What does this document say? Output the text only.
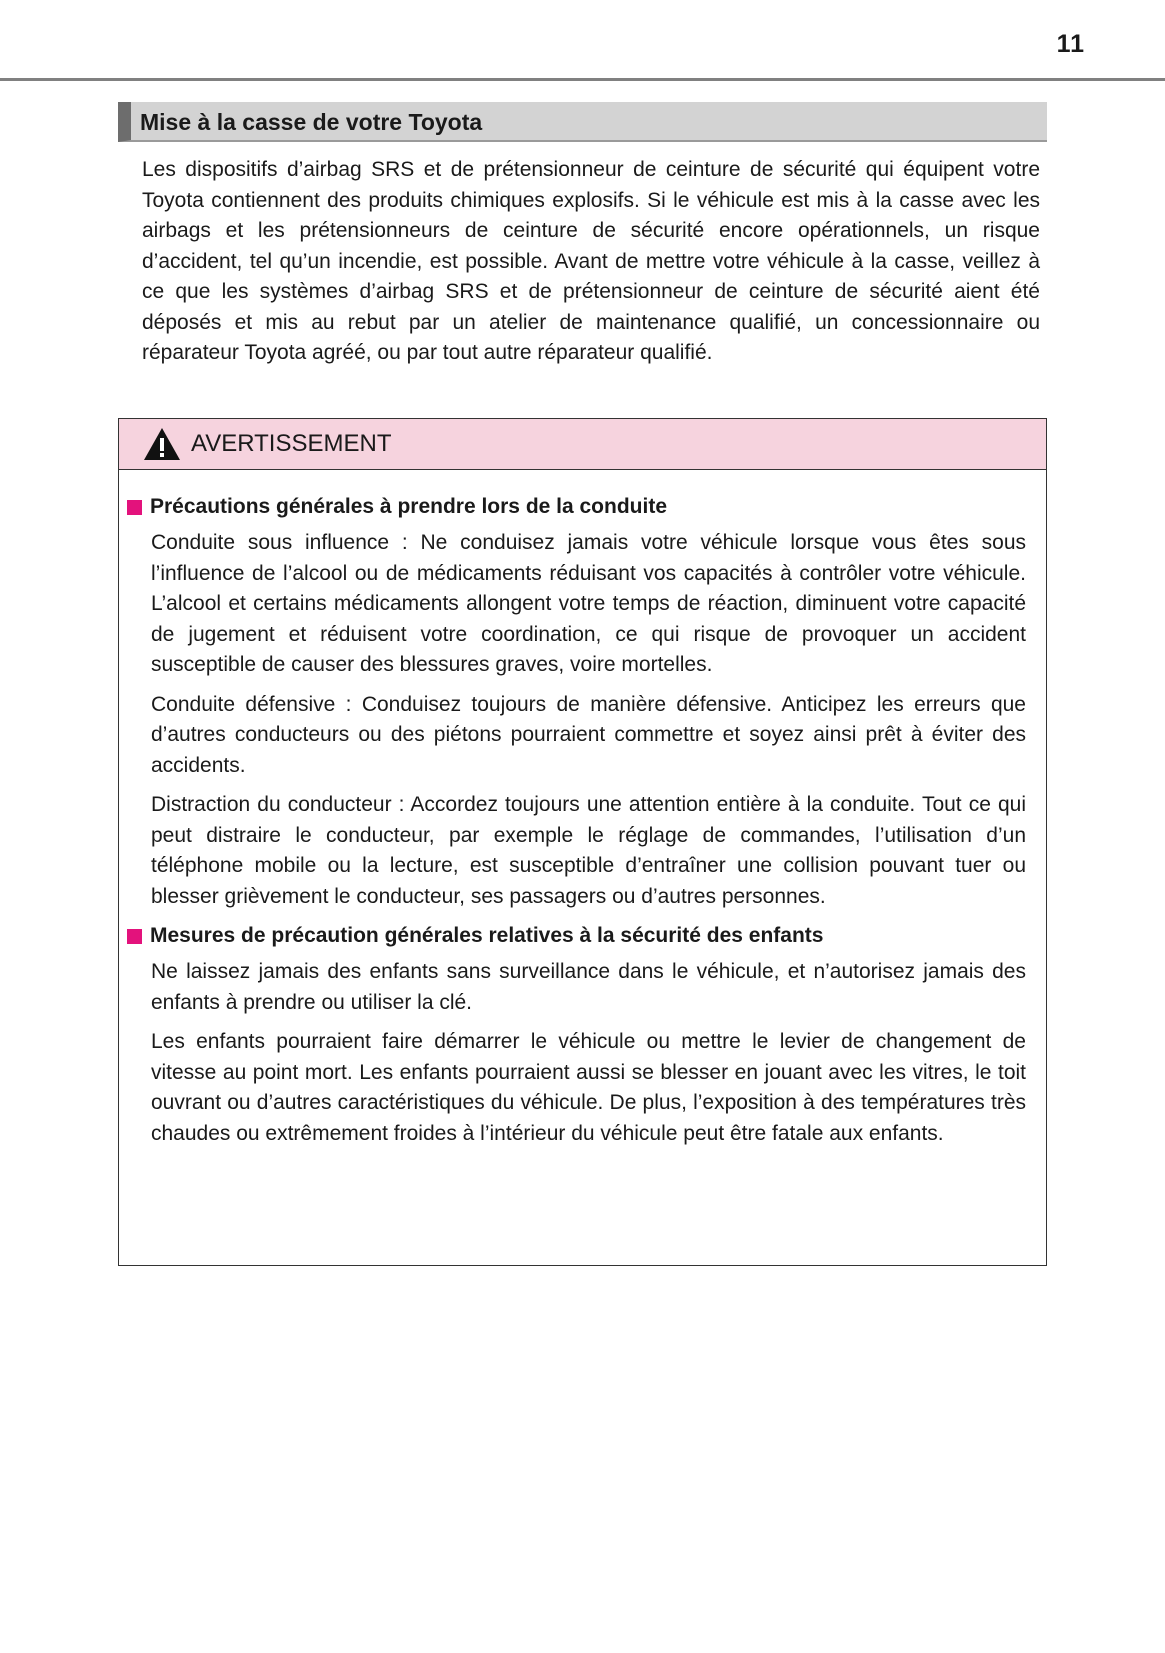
11
Mise à la casse de votre Toyota

Les dispositifs d’airbag SRS et de prétensionneur de ceinture de sécurité qui équipent votre Toyota contiennent des produits chimiques explosifs. Si le véhicule est mis à la casse avec les airbags et les prétensionneurs de ceinture de sécurité encore opérationnels, un risque d’accident, tel qu’un incendie, est possible. Avant de mettre votre véhicule à la casse, veillez à ce que les systèmes d’airbag SRS et de prétensionneur de ceinture de sécurité aient été déposés et mis au rebut par un atelier de maintenance qualifié, un concessionnaire ou réparateur Toyota agréé, ou par tout autre réparateur qualifié.

AVERTISSEMENT
Précautions générales à prendre lors de la conduite

Conduite sous influence : Ne conduisez jamais votre véhicule lorsque vous êtes sous l’influence de l’alcool ou de médicaments réduisant vos capacités à contrôler votre véhicule. L’alcool et certains médicaments allongent votre temps de réaction, diminuent votre capacité de jugement et réduisent votre coordination, ce qui risque de provoquer un accident susceptible de causer des blessures graves, voire mortelles.

Conduite défensive : Conduisez toujours de manière défensive. Anticipez les erreurs que d’autres conducteurs ou des piétons pourraient commettre et soyez ainsi prêt à éviter des accidents.

Distraction du conducteur : Accordez toujours une attention entière à la conduite. Tout ce qui peut distraire le conducteur, par exemple le réglage de commandes, l’utilisation d’un téléphone mobile ou la lecture, est susceptible d’entraîner une collision pouvant tuer ou blesser grièvement le conducteur, ses passagers ou d’autres personnes.

Mesures de précaution générales relatives à la sécurité des enfants

Ne laissez jamais des enfants sans surveillance dans le véhicule, et n’autorisez jamais des enfants à prendre ou utiliser la clé.

Les enfants pourraient faire démarrer le véhicule ou mettre le levier de changement de vitesse au point mort. Les enfants pourraient aussi se blesser en jouant avec les vitres, le toit ouvrant ou d’autres caractéristiques du véhicule. De plus, l’exposition à des températures très chaudes ou extrêmement froides à l’intérieur du véhicule peut être fatale aux enfants.
